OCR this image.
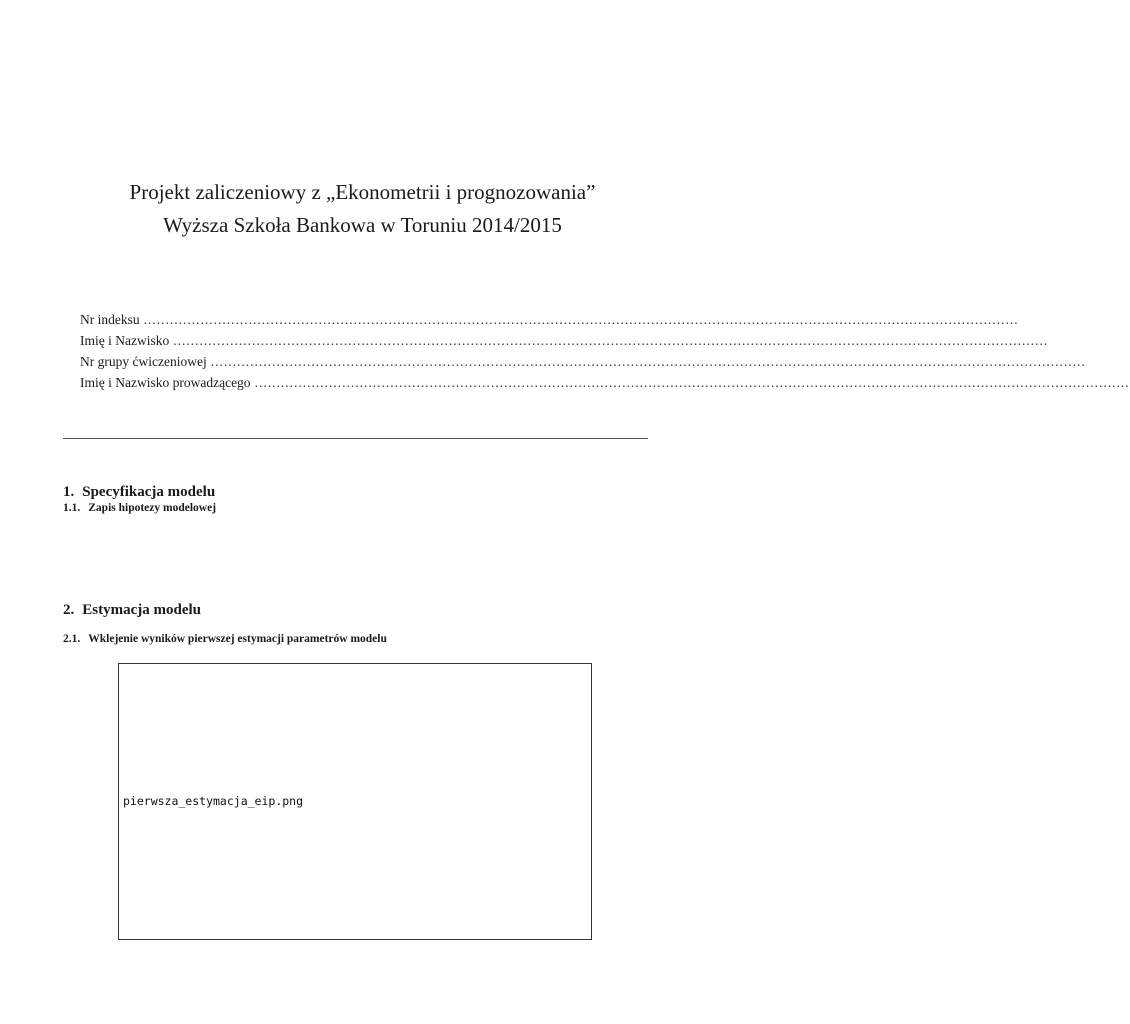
Projekt zaliczeniowy z „Ekonometrii i prognozowania”
Wyższa Szkoła Bankowa w Toruniu 2014/2015
Nr indeksu ........................................................................................................................................................................................................
Imię i Nazwisko ........................................................................................................................................................................................................
Nr grupy ćwiczeniowej ........................................................................................................................................................................................................
Imię i Nazwisko prowadzącego ........................................................................................................................................................................................................
1. Specyfikacja modelu
1.1. Zapis hipotezy modelowej
2. Estymacja modelu
2.1. Wklejenie wyników pierwszej estymacji parametrów modelu
pierwsza_estymacja_eip.png
